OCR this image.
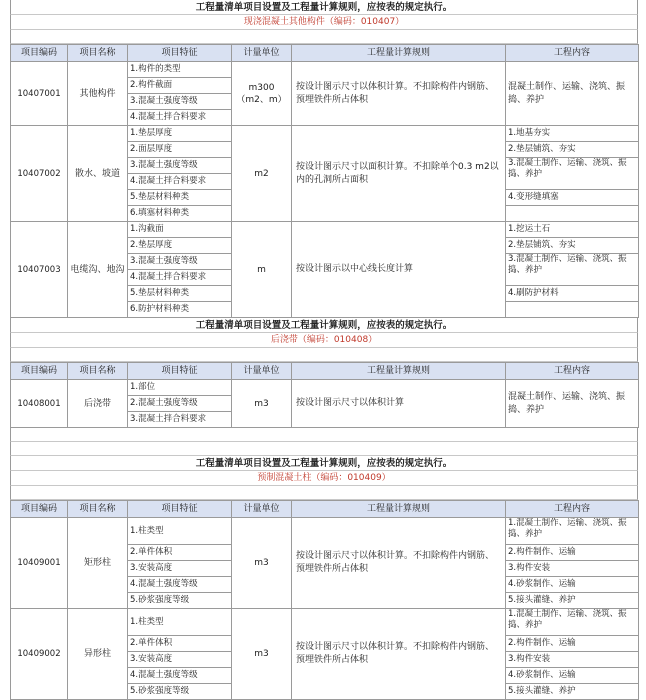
工程量清单项目设置及工程量计算规则，应按表的规定执行。
现浇混凝土其他构件（编码：010407）
项目编码	项目名称	项目特征	计量单位	工程量计算规则	工程内容
10407001	其他构件	1.构件的类型	m300（m2、m）	按设计图示尺寸以体积计算。不扣除构件内钢筋、预埋铁件所占体积	混凝土制作、运输、浇筑、振捣、养护
		2.构件截面			
		3.混凝土强度等级			
		4.混凝土拌合料要求			
10407002	散水、坡道	1.垫层厚度	m2	按设计图示尺寸以面积计算。不扣除单个0.3 m2以内的孔洞所占面积	1.地基夯实
		2.面层厚度			2.垫层铺筑、夯实
		3.混凝土强度等级			3.混凝土制作、运输、浇筑、振捣、养护
		4.混凝土拌合料要求			
		5.垫层材料种类			4.变形缝填塞
		6.填塞材料种类			
10407003	电缆沟、地沟	1.沟截面	m	按设计图示以中心线长度计算	1.挖运土石
		2.垫层厚度			2.垫层铺筑、夯实
		3.混凝土强度等级			3.混凝土制作、运输、浇筑、振捣、养护
		4.混凝土拌合料要求			
		5.垫层材料种类			4.刷防护材料
		6.防护材料种类			
工程量清单项目设置及工程量计算规则，应按表的规定执行。
后浇带（编码：010408）
项目编码	项目名称	项目特征	计量单位	工程量计算规则	工程内容
10408001	后浇带	1.部位	m3	按设计图示尺寸以体积计算	混凝土制作、运输、浇筑、振捣、养护
		2.混凝土强度等级			
		3.混凝土拌合料要求			
工程量清单项目设置及工程量计算规则，应按表的规定执行。
预制混凝土柱（编码：010409）
项目编码	项目名称	项目特征	计量单位	工程量计算规则	工程内容
10409001	矩形柱	1.柱类型	m3	按设计图示尺寸以体积计算。不扣除构件内钢筋、预埋铁件所占体积	1.混凝土制作、运输、浇筑、振捣、养护
		2.单件体积			2.构件制作、运输
		3.安装高度			3.构件安装
		4.混凝土强度等级			4.砂浆制作、运输
		5.砂浆强度等级			5.接头灌缝、养护
10409002	异形柱	1.柱类型	m3	按设计图示尺寸以体积计算。不扣除构件内钢筋、预埋铁件所占体积	1.混凝土制作、运输、浇筑、振捣、养护
		2.单件体积			2.构件制作、运输
		3.安装高度			3.构件安装
		4.混凝土强度等级			4.砂浆制作、运输
		5.砂浆强度等级			5.接头灌缝、养护
